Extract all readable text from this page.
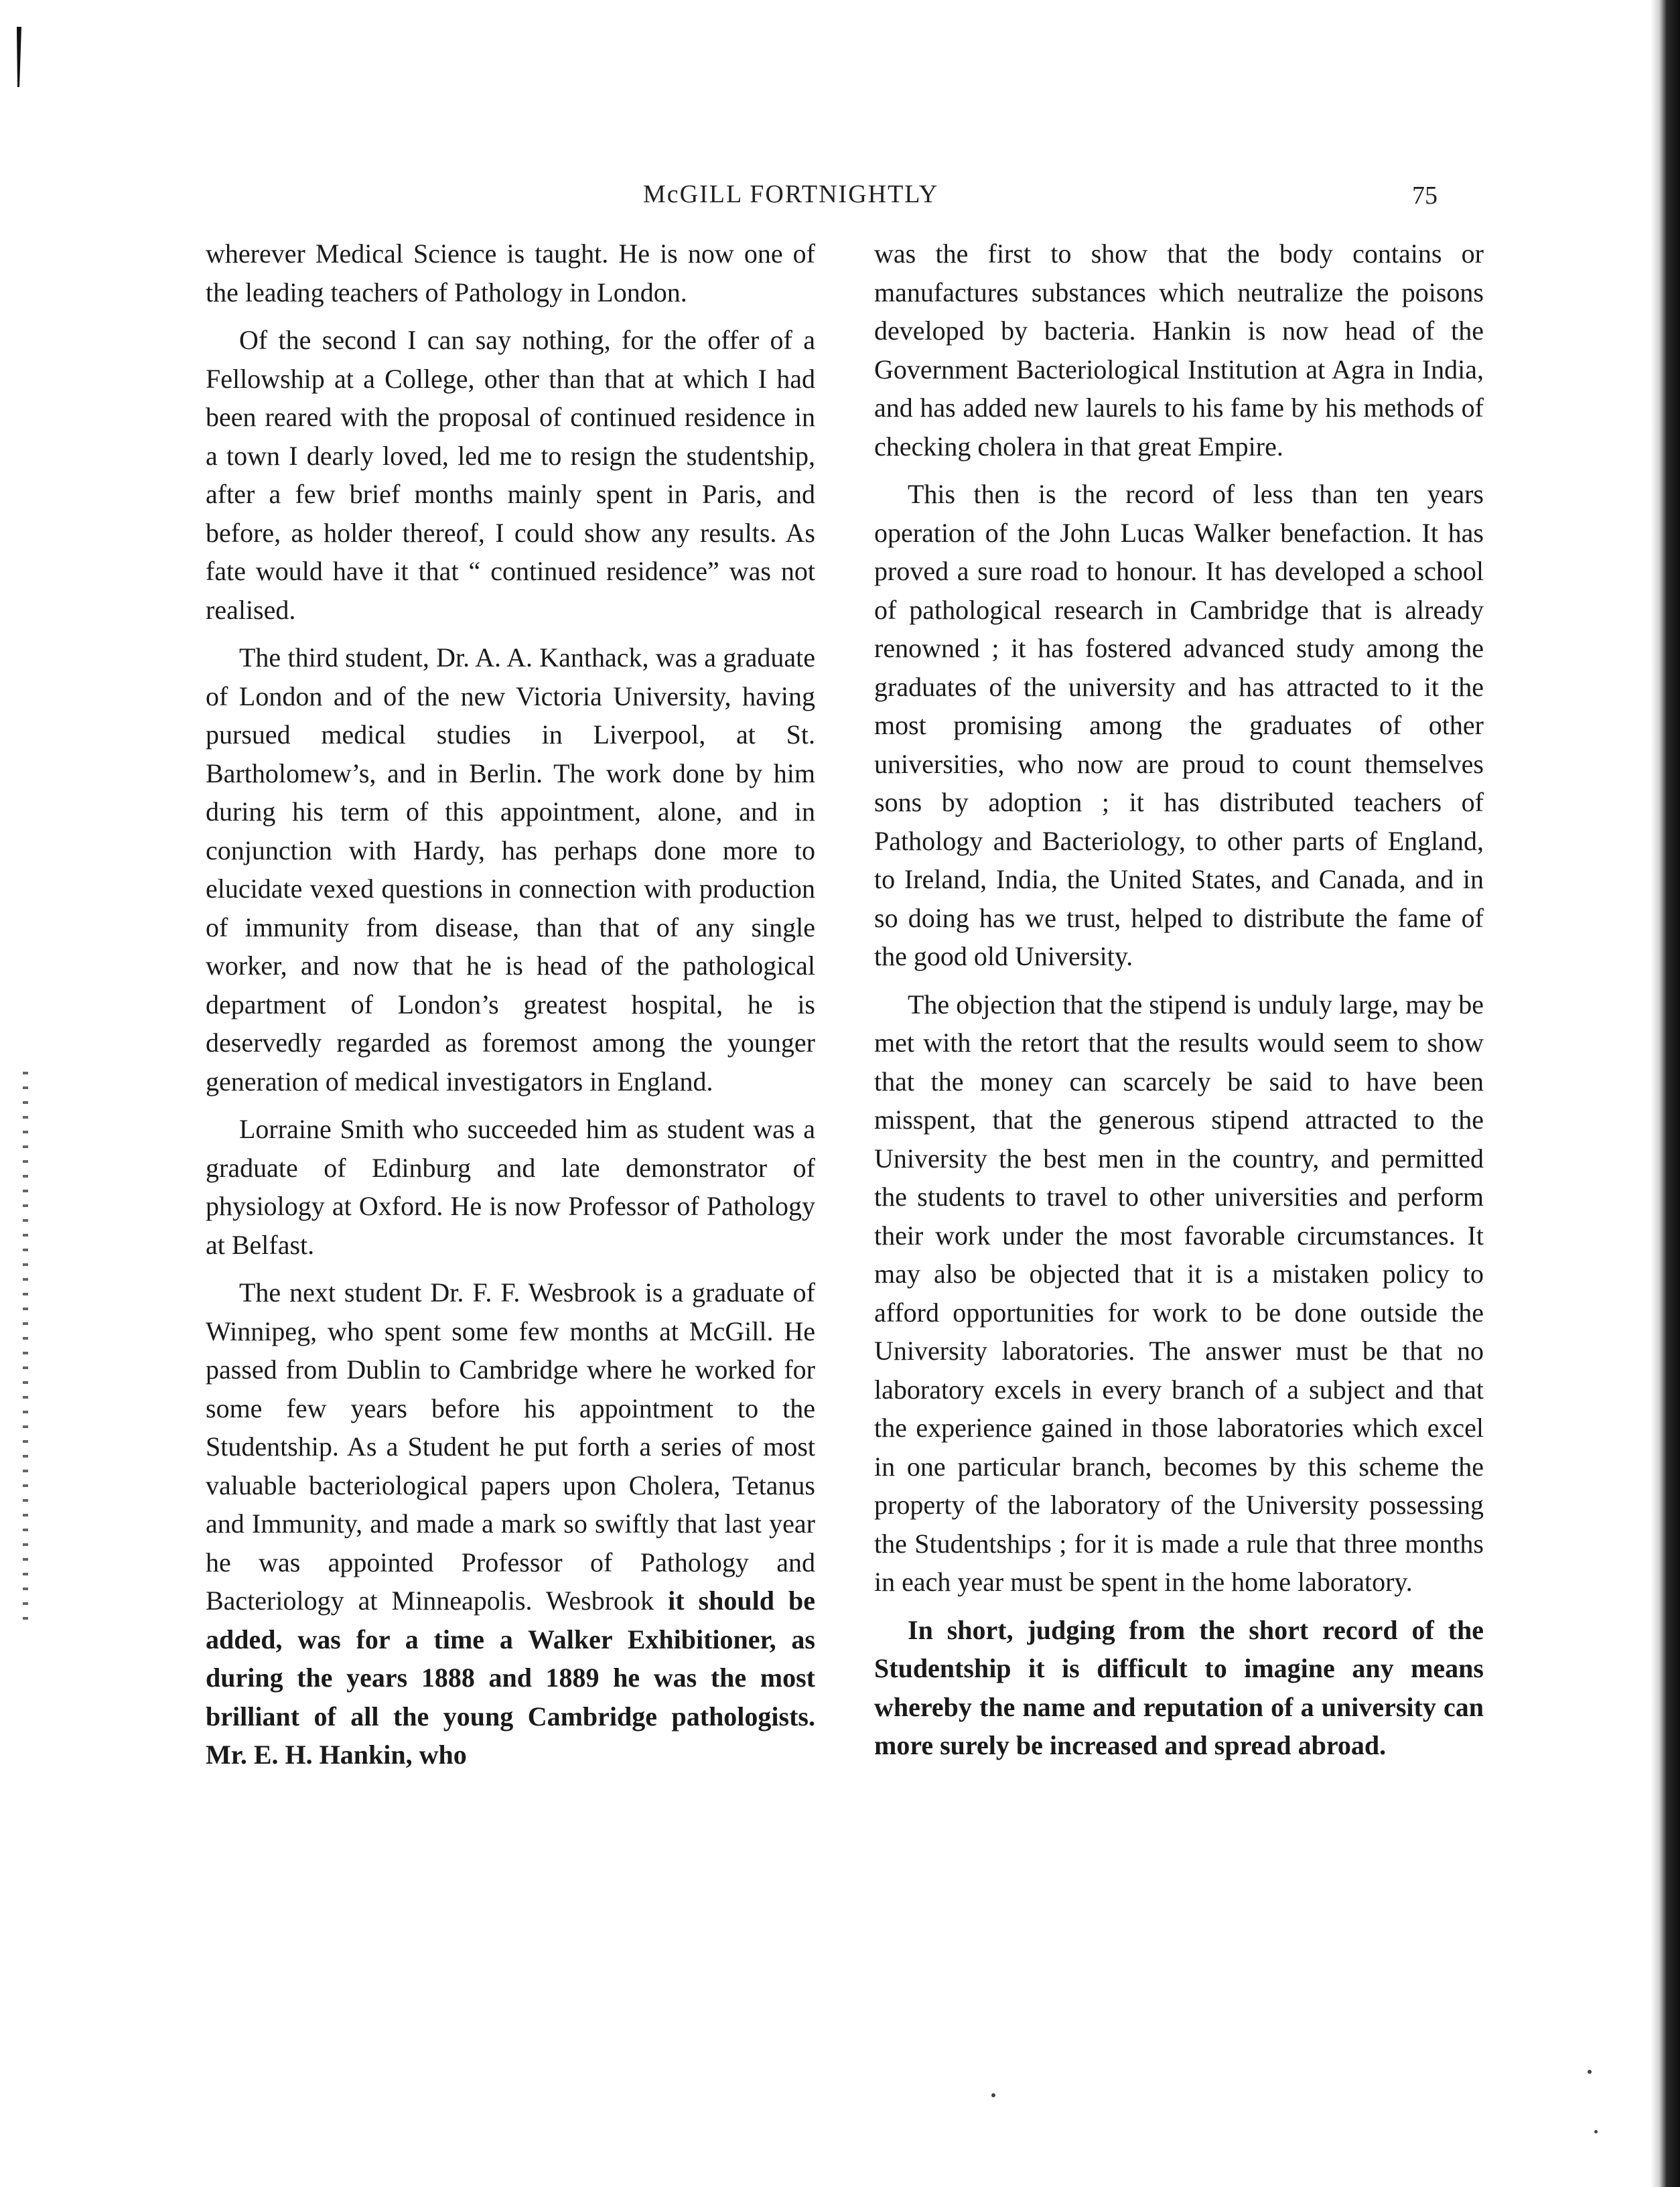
McGILL FORTNIGHTLY	75

wherever Medical Science is taught. He is now one of the leading teachers of Pathology in London.

Of the second I can say nothing, for the offer of a Fellowship at a College, other than that at which I had been reared with the proposal of continued residence in a town I dearly loved, led me to resign the studentship, after a few brief months mainly spent in Paris, and before, as holder thereof, I could show any results. As fate would have it that “ continued residence” was not realised.

The third student, Dr. A. A. Kanthack, was a graduate of London and of the new Victoria University, having pursued medical studies in Liverpool, at St. Bartholomew’s, and in Berlin. The work done by him during his term of this appointment, alone, and in conjunction with Hardy, has perhaps done more to elucidate vexed questions in connection with production of immunity from disease, than that of any single worker, and now that he is head of the pathological department of London’s greatest hospital, he is deservedly regarded as foremost among the younger generation of medical investigators in England.

Lorraine Smith who succeeded him as student was a graduate of Edinburg and late demonstrator of physiology at Oxford. He is now Professor of Pathology at Belfast.

The next student Dr. F. F. Wesbrook is a graduate of Winnipeg, who spent some few months at McGill. He passed from Dublin to Cambridge where he worked for some few years before his appointment to the Studentship. As a Student he put forth a series of most valuable bacteriological papers upon Cholera, Tetanus and Immunity, and made a mark so swiftly that last year he was appointed Professor of Pathology and Bacteriology at Minneapolis. Wesbrook it should be added, was for a time a Walker Exhibitioner, as during the years 1888 and 1889 he was the most brilliant of all the young Cambridge pathologists. Mr. E. H. Hankin, who

was the first to show that the body contains or manufactures substances which neutralize the poisons developed by bacteria. Hankin is now head of the Government Bacteriological Institution at Agra in India, and has added new laurels to his fame by his methods of checking cholera in that great Empire.

This then is the record of less than ten years operation of the John Lucas Walker benefaction. It has proved a sure road to honour. It has developed a school of pathological research in Cambridge that is already renowned ; it has fostered advanced study among the graduates of the university and has attracted to it the most promising among the graduates of other universities, who now are proud to count themselves sons by adoption ; it has distributed teachers of Pathology and Bacteriology, to other parts of England, to Ireland, India, the United States, and Canada, and in so doing has we trust, helped to distribute the fame of the good old University.

The objection that the stipend is unduly large, may be met with the retort that the results would seem to show that the money can scarcely be said to have been misspent, that the generous stipend attracted to the University the best men in the country, and permitted the students to travel to other universities and perform their work under the most favorable circumstances. It may also be objected that it is a mistaken policy to afford opportunities for work to be done outside the University laboratories. The answer must be that no laboratory excels in every branch of a subject and that the experience gained in those laboratories which excel in one particular branch, becomes by this scheme the property of the laboratory of the University possessing the Studentships ; for it is made a rule that three months in each year must be spent in the home laboratory.

In short, judging from the short record of the Studentship it is difficult to imagine any means whereby the name and reputation of a university can more surely be increased and spread abroad.
